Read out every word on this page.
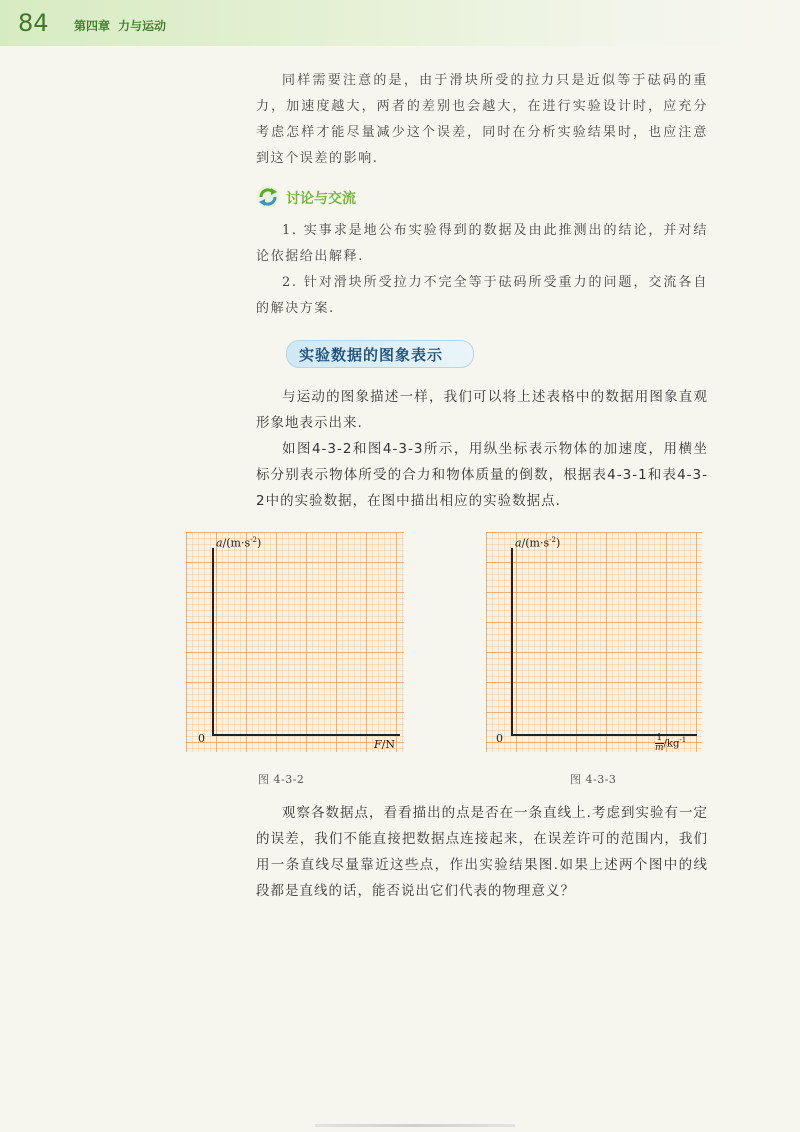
84 第四章 力与运动
同样需要注意的是，由于滑块所受的拉力只是近似等于砝码的重力，加速度越大，两者的差别也会越大，在进行实验设计时，应充分考虑怎样才能尽量减少这个误差，同时在分析实验结果时，也应注意到这个误差的影响.
讨论与交流
1. 实事求是地公布实验得到的数据及由此推测出的结论，并对结论依据给出解释.
2. 针对滑块所受拉力不完全等于砝码所受重力的问题，交流各自的解决方案.
实验数据的图象表示
与运动的图象描述一样，我们可以将上述表格中的数据用图象直观形象地表示出来.
如图4-3-2和图4-3-3所示，用纵坐标表示物体的加速度，用横坐标分别表示物体所受的合力和物体质量的倒数，根据表4-3-1和表4-3-2中的实验数据，在图中描出相应的实验数据点.
$a/(m\cdot s^{-2})$
0	F/N
图 4-3-2
$a/(m\cdot s^{-2})$
0	$\frac{1}{m} /kg^{-1}$
图 4-3-3
观察各数据点，看看描出的点是否在一条直线上.考虑到实验有一定的误差，我们不能直接把数据点连接起来，在误差许可的范围内，我们用一条直线尽量靠近这些点，作出实验结果图.如果上述两个图中的线段都是直线的话，能否说出它们代表的物理意义？
